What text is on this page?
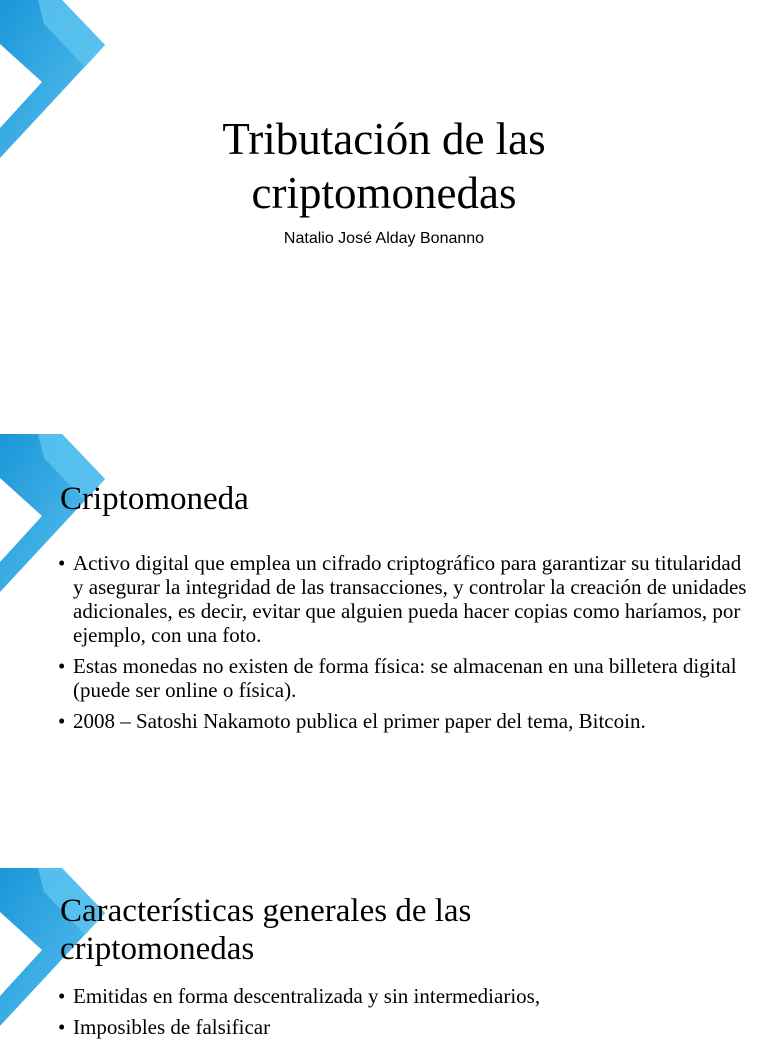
Tributación de las
criptomonedas
Natalio José Alday Bonanno
Criptomoneda
• Activo digital que emplea un cifrado criptográfico para garantizar su titularidad y asegurar la integridad de las transacciones, y controlar la creación de unidades adicionales, es decir, evitar que alguien pueda hacer copias como haríamos, por ejemplo, con una foto.
• Estas monedas no existen de forma física: se almacenan en una billetera digital (puede ser online o física).
• 2008 – Satoshi Nakamoto publica el primer paper del tema, Bitcoin.
Características generales de las
criptomonedas
• Emitidas en forma descentralizada y sin intermediarios,
• Imposibles de falsificar
